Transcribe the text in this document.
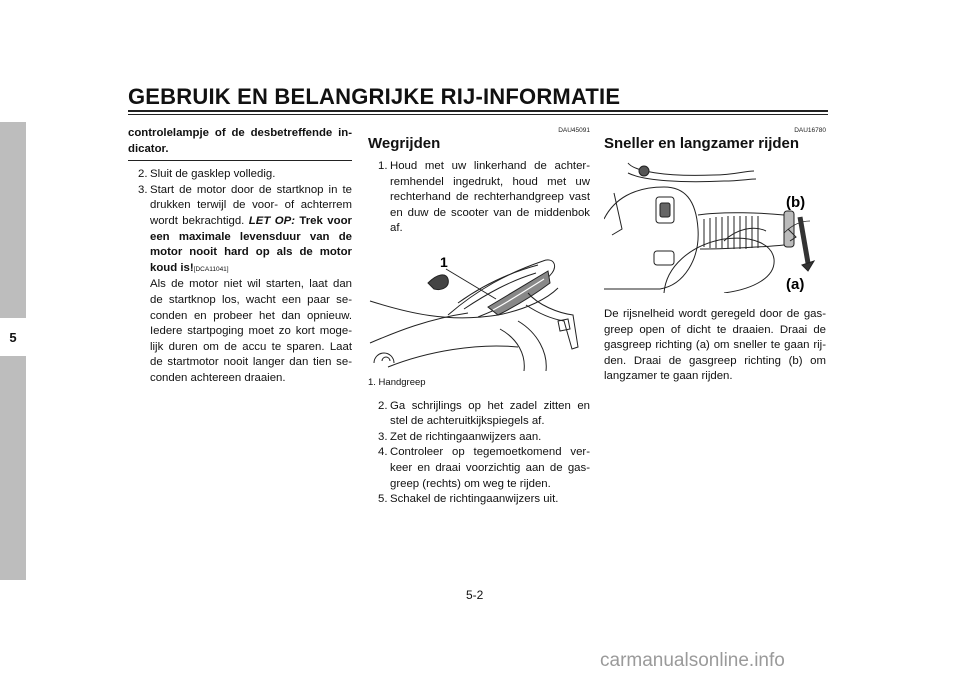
GEBRUIK EN BELANGRIJKE RIJ-INFORMATIE
5
controlelampje of de desbetreffende in-dicator.
2. Sluit de gasklep volledig.
3. Start de motor door de startknop in te drukken terwijl de voor- of achterrem wordt bekrachtigd. LET OP: Trek voor een maximale levensduur van de motor nooit hard op als de motor koud is![DCA11041]
Als de motor niet wil starten, laat dan de startknop los, wacht een paar se-conden en probeer het dan opnieuw. Iedere startpoging moet zo kort moge-lijk duren om de accu te sparen. Laat de startmotor nooit langer dan tien se-conden achtereen draaien.
DAU45091
Wegrijden
1. Houd met uw linkerhand de achter-remhendel ingedrukt, houd met uw rechterhand de rechterhandgreep vast en duw de scooter van de middenbok af.
1
1. Handgreep
2. Ga schrijlings op het zadel zitten en stel de achteruitkijkspiegels af.
3. Zet de richtingaanwijzers aan.
4. Controleer op tegemoetkomend ver-keer en draai voorzichtig aan de gas-greep (rechts) om weg te rijden.
5. Schakel de richtingaanwijzers uit.
DAU16780
Sneller en langzamer rijden
(b)
(a)
De rijsnelheid wordt geregeld door de gas-greep open of dicht te draaien. Draai de gasgreep richting (a) om sneller te gaan rij-den. Draai de gasgreep richting (b) om langzamer te gaan rijden.
5-2
carmanualsonline.info
